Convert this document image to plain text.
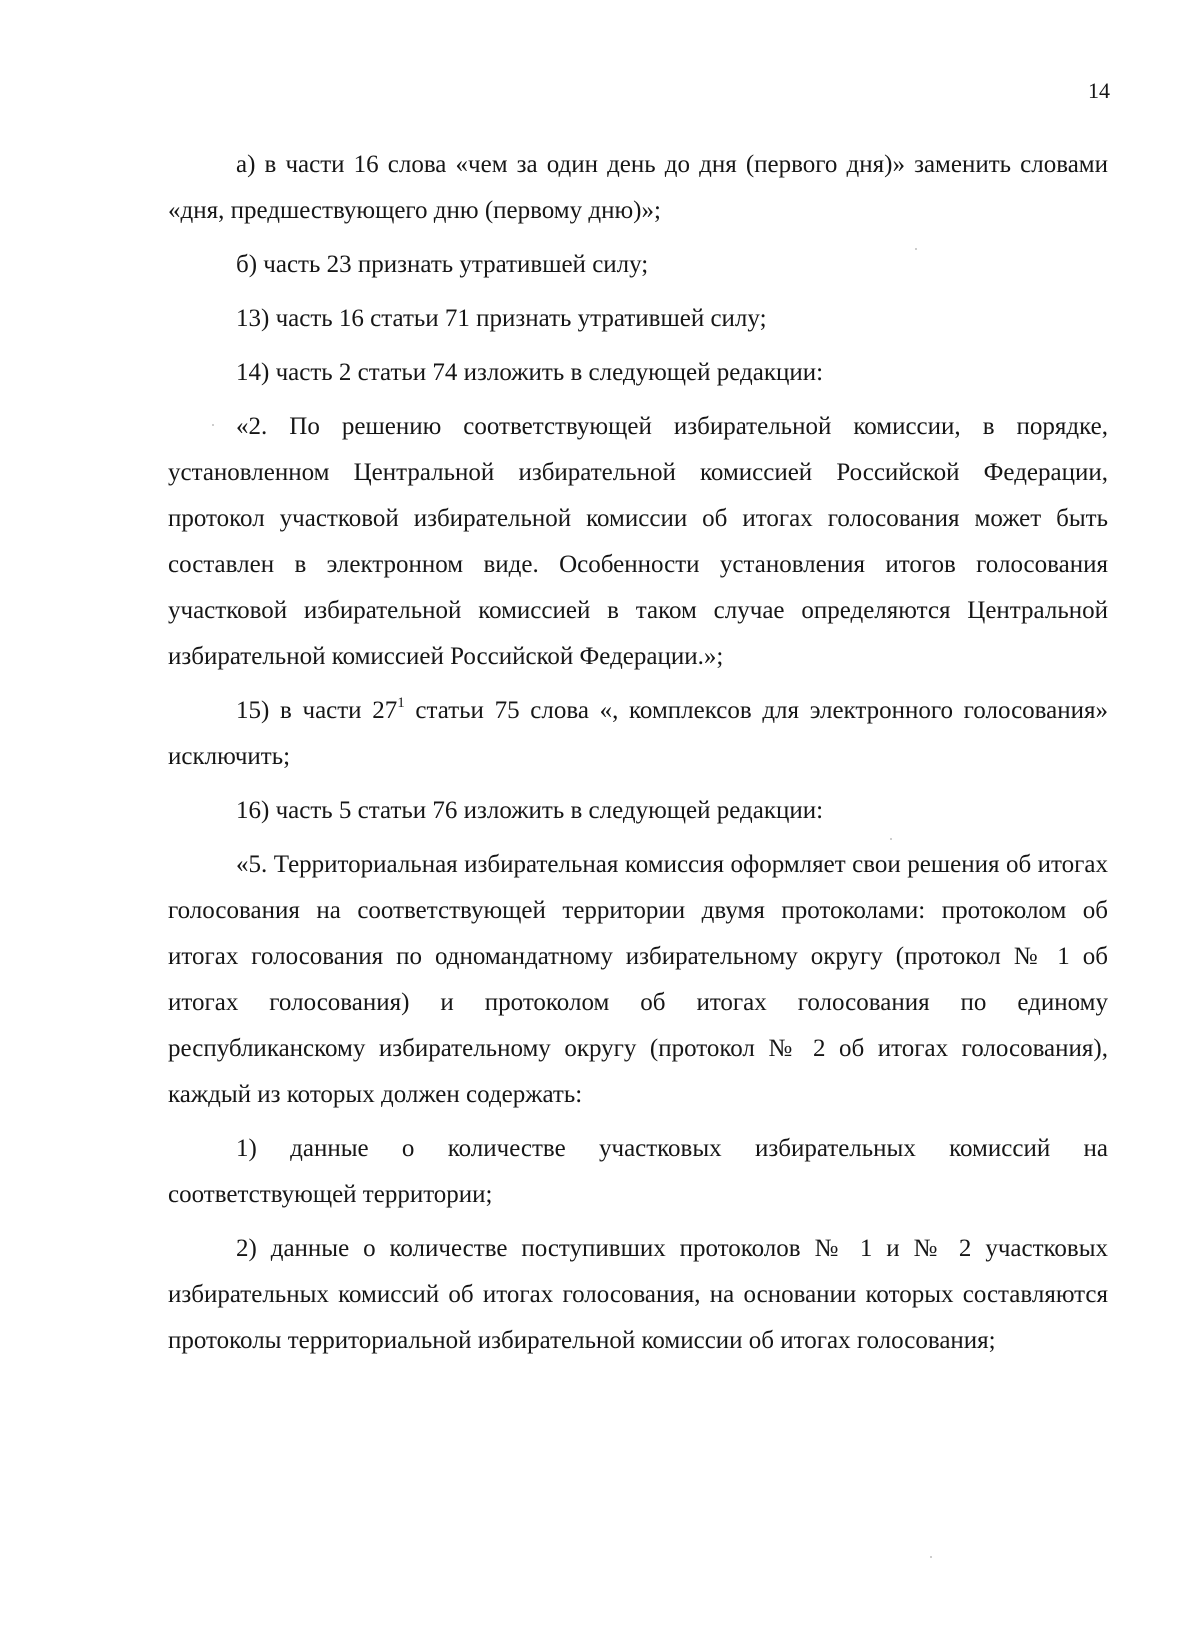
14

а) в части 16 слова «чем за один день до дня (первого дня)» заменить словами «дня, предшествующего дню (первому дню)»;

б) часть 23 признать утратившей силу;

13) часть 16 статьи 71 признать утратившей силу;

14) часть 2 статьи 74 изложить в следующей редакции:

«2. По решению соответствующей избирательной комиссии, в порядке, установленном Центральной избирательной комиссией Российской Федерации, протокол участковой избирательной комиссии об итогах голосования может быть составлен в электронном виде. Особенности установления итогов голосования участковой избирательной комиссией в таком случае определяются Центральной избирательной комиссией Российской Федерации.»;

15) в части $27^1$ статьи 75 слова «, комплексов для электронного голосования» исключить;

16) часть 5 статьи 76 изложить в следующей редакции:

«5. Территориальная избирательная комиссия оформляет свои решения об итогах голосования на соответствующей территории двумя протоколами: протоколом об итогах голосования по одномандатному избирательному округу (протокол № 1 об итогах голосования) и протоколом об итогах голосования по единому республиканскому избирательному округу (протокол № 2 об итогах голосования), каждый из которых должен содержать:

1) данные о количестве участковых избирательных комиссий на соответствующей территории;

2) данные о количестве поступивших протоколов № 1 и № 2 участковых избирательных комиссий об итогах голосования, на основании которых составляются протоколы территориальной избирательной комиссии об итогах голосования;
